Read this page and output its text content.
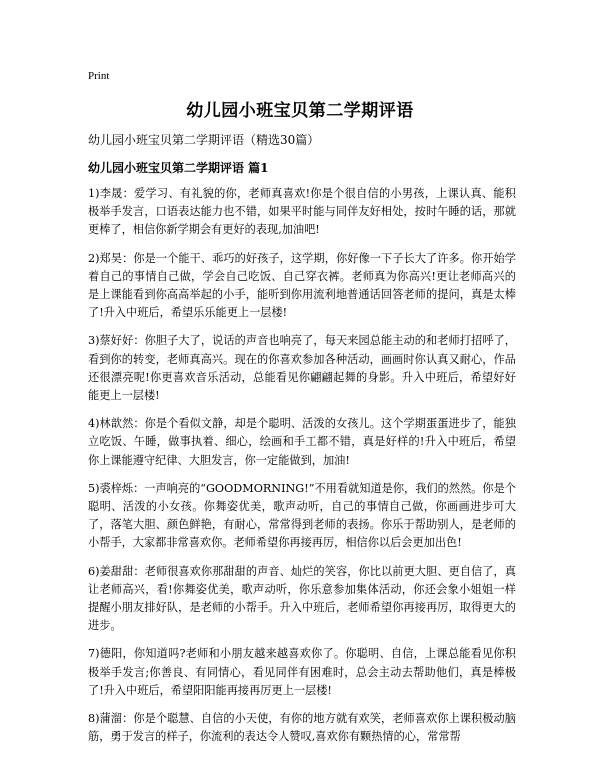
Print
幼儿园小班宝贝第二学期评语
幼儿园小班宝贝第二学期评语（精选30篇）
幼儿园小班宝贝第二学期评语 篇1

1)李晟：爱学习、有礼貌的你，老师真喜欢!你是个很自信的小男孩，上课认真、能积极举手发言，口语表达能力也不错，如果平时能与同伴友好相处，按时午睡的话，那就更棒了，相信你新学期会有更好的表现,加油吧!

2)郑昊：你是一个能干、乖巧的好孩子，这学期，你好像一下子长大了许多。你开始学着自己的事情自己做，学会自己吃饭、自己穿衣裤。老师真为你高兴!更让老师高兴的是上课能看到你高高举起的小手，能听到你用流利地普通话回答老师的提问，真是太棒了!升入中班后，希望乐乐能更上一层楼!

3)蔡好好：你胆子大了，说话的声音也响亮了，每天来园总能主动的和老师打招呼了，看到你的转变，老师真高兴。现在的你喜欢参加各种活动，画画时你认真又耐心，作品还很漂亮呢!你更喜欢音乐活动，总能看见你翩翩起舞的身影。升入中班后，希望好好能更上一层楼!

4)林歆然：你是个看似文静，却是个聪明、活泼的女孩儿。这个学期蛋蛋进步了，能独立吃饭、午睡，做事执着、细心，绘画和手工都不错，真是好样的!升入中班后，希望你上课能遵守纪律、大胆发言，你一定能做到，加油!

5)裘梓烁：一声响亮的“GOODMORNING!”不用看就知道是你，我们的然然。你是个聪明、活泼的小女孩。你舞姿优美，歌声动听，自己的事情自己做，你画画进步可大了，落笔大胆、颜色鲜艳，有耐心，常常得到老师的表扬。你乐于帮助别人，是老师的小帮手，大家都非常喜欢你。老师希望你再接再厉，相信你以后会更加出色!

6)姜甜甜：老师很喜欢你那甜甜的声音、灿烂的笑容，你比以前更大胆、更自信了，真让老师高兴，看!你舞姿优美，歌声动听，你乐意参加集体活动，你还会象小姐姐一样提醒小朋友排好队，是老师的小帮手。升入中班后，老师希望你再接再厉，取得更大的进步。

7)德阳，你知道吗?老师和小朋友越来越喜欢你了。你聪明、自信，上课总能看见你积极举手发言;你善良、有同情心，看见同伴有困难时，总会主动去帮助他们，真是棒极了!升入中班后，希望阳阳能再接再厉更上一层楼!

8)蒲溜：你是个聪慧、自信的小天使，有你的地方就有欢笑，老师喜欢你上课积极动脑筋，勇于发言的样子，你流利的表达令人赞叹,喜欢你有颗热情的心，常常帮
